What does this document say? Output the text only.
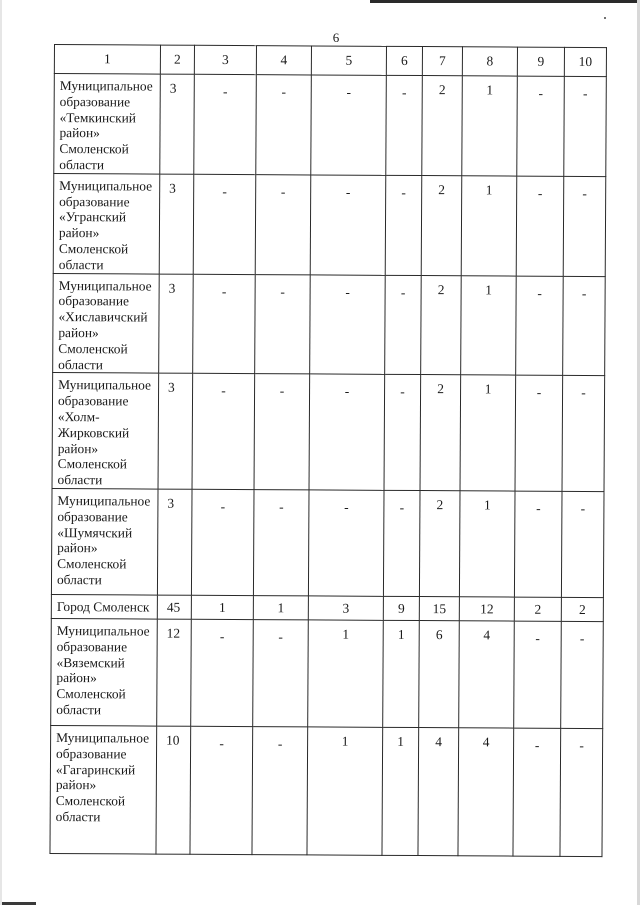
6
1	2	3	4	5	6	7	8	9	10
Муниципальное образование «Темкинский район» Смоленской области	3	-	-	-	-	2	1	-	-
Муниципальное образование «Угранский район» Смоленской области	3	-	-	-	-	2	1	-	-
Муниципальное образование «Хиславичский район» Смоленской области	3	-	-	-	-	2	1	-	-
Муниципальное образование «Холм-Жирковский район» Смоленской области	3	-	-	-	-	2	1	-	-
Муниципальное образование «Шумячский район» Смоленской области	3	-	-	-	-	2	1	-	-
Город Смоленск	45	1	1	3	9	15	12	2	2
Муниципальное образование «Вяземский район» Смоленской области	12	-	-	1	1	6	4	-	-
Муниципальное образование «Гагаринский район» Смоленской области	10	-	-	1	1	4	4	-	-
